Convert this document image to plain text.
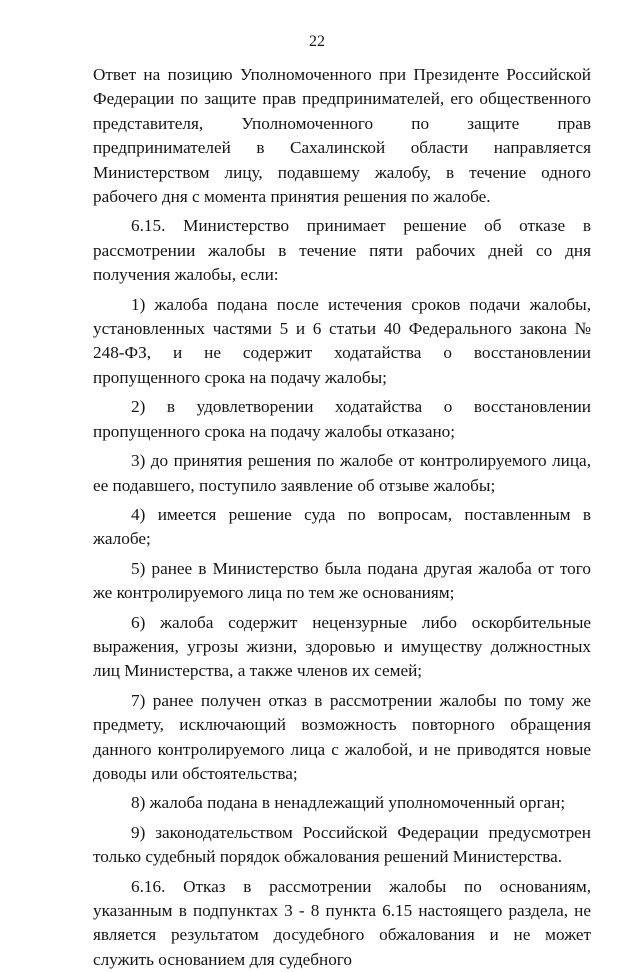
22

Ответ на позицию Уполномоченного при Президенте Российской Федерации по защите прав предпринимателей, его общественного представителя, Уполномоченного по защите прав предпринимателей в Сахалинской области направляется Министерством лицу, подавшему жалобу, в течение одного рабочего дня с момента принятия решения по жалобе.

6.15. Министерство принимает решение об отказе в рассмотрении жалобы в течение пяти рабочих дней со дня получения жалобы, если:

1) жалоба подана после истечения сроков подачи жалобы, установленных частями 5 и 6 статьи 40 Федерального закона № 248-ФЗ, и не содержит ходатайства о восстановлении пропущенного срока на подачу жалобы;

2) в удовлетворении ходатайства о восстановлении пропущенного срока на подачу жалобы отказано;

3) до принятия решения по жалобе от контролируемого лица, ее подавшего, поступило заявление об отзыве жалобы;

4) имеется решение суда по вопросам, поставленным в жалобе;

5) ранее в Министерство была подана другая жалоба от того же контролируемого лица по тем же основаниям;

6) жалоба содержит нецензурные либо оскорбительные выражения, угрозы жизни, здоровью и имуществу должностных лиц Министерства, а также членов их семей;

7) ранее получен отказ в рассмотрении жалобы по тому же предмету, исключающий возможность повторного обращения данного контролируемого лица с жалобой, и не приводятся новые доводы или обстоятельства;

8) жалоба подана в ненадлежащий уполномоченный орган;

9) законодательством Российской Федерации предусмотрен только судебный порядок обжалования решений Министерства.

6.16. Отказ в рассмотрении жалобы по основаниям, указанным в подпунктах 3 - 8 пункта 6.15 настоящего раздела, не является результатом досудебного обжалования и не может служить основанием для судебного
